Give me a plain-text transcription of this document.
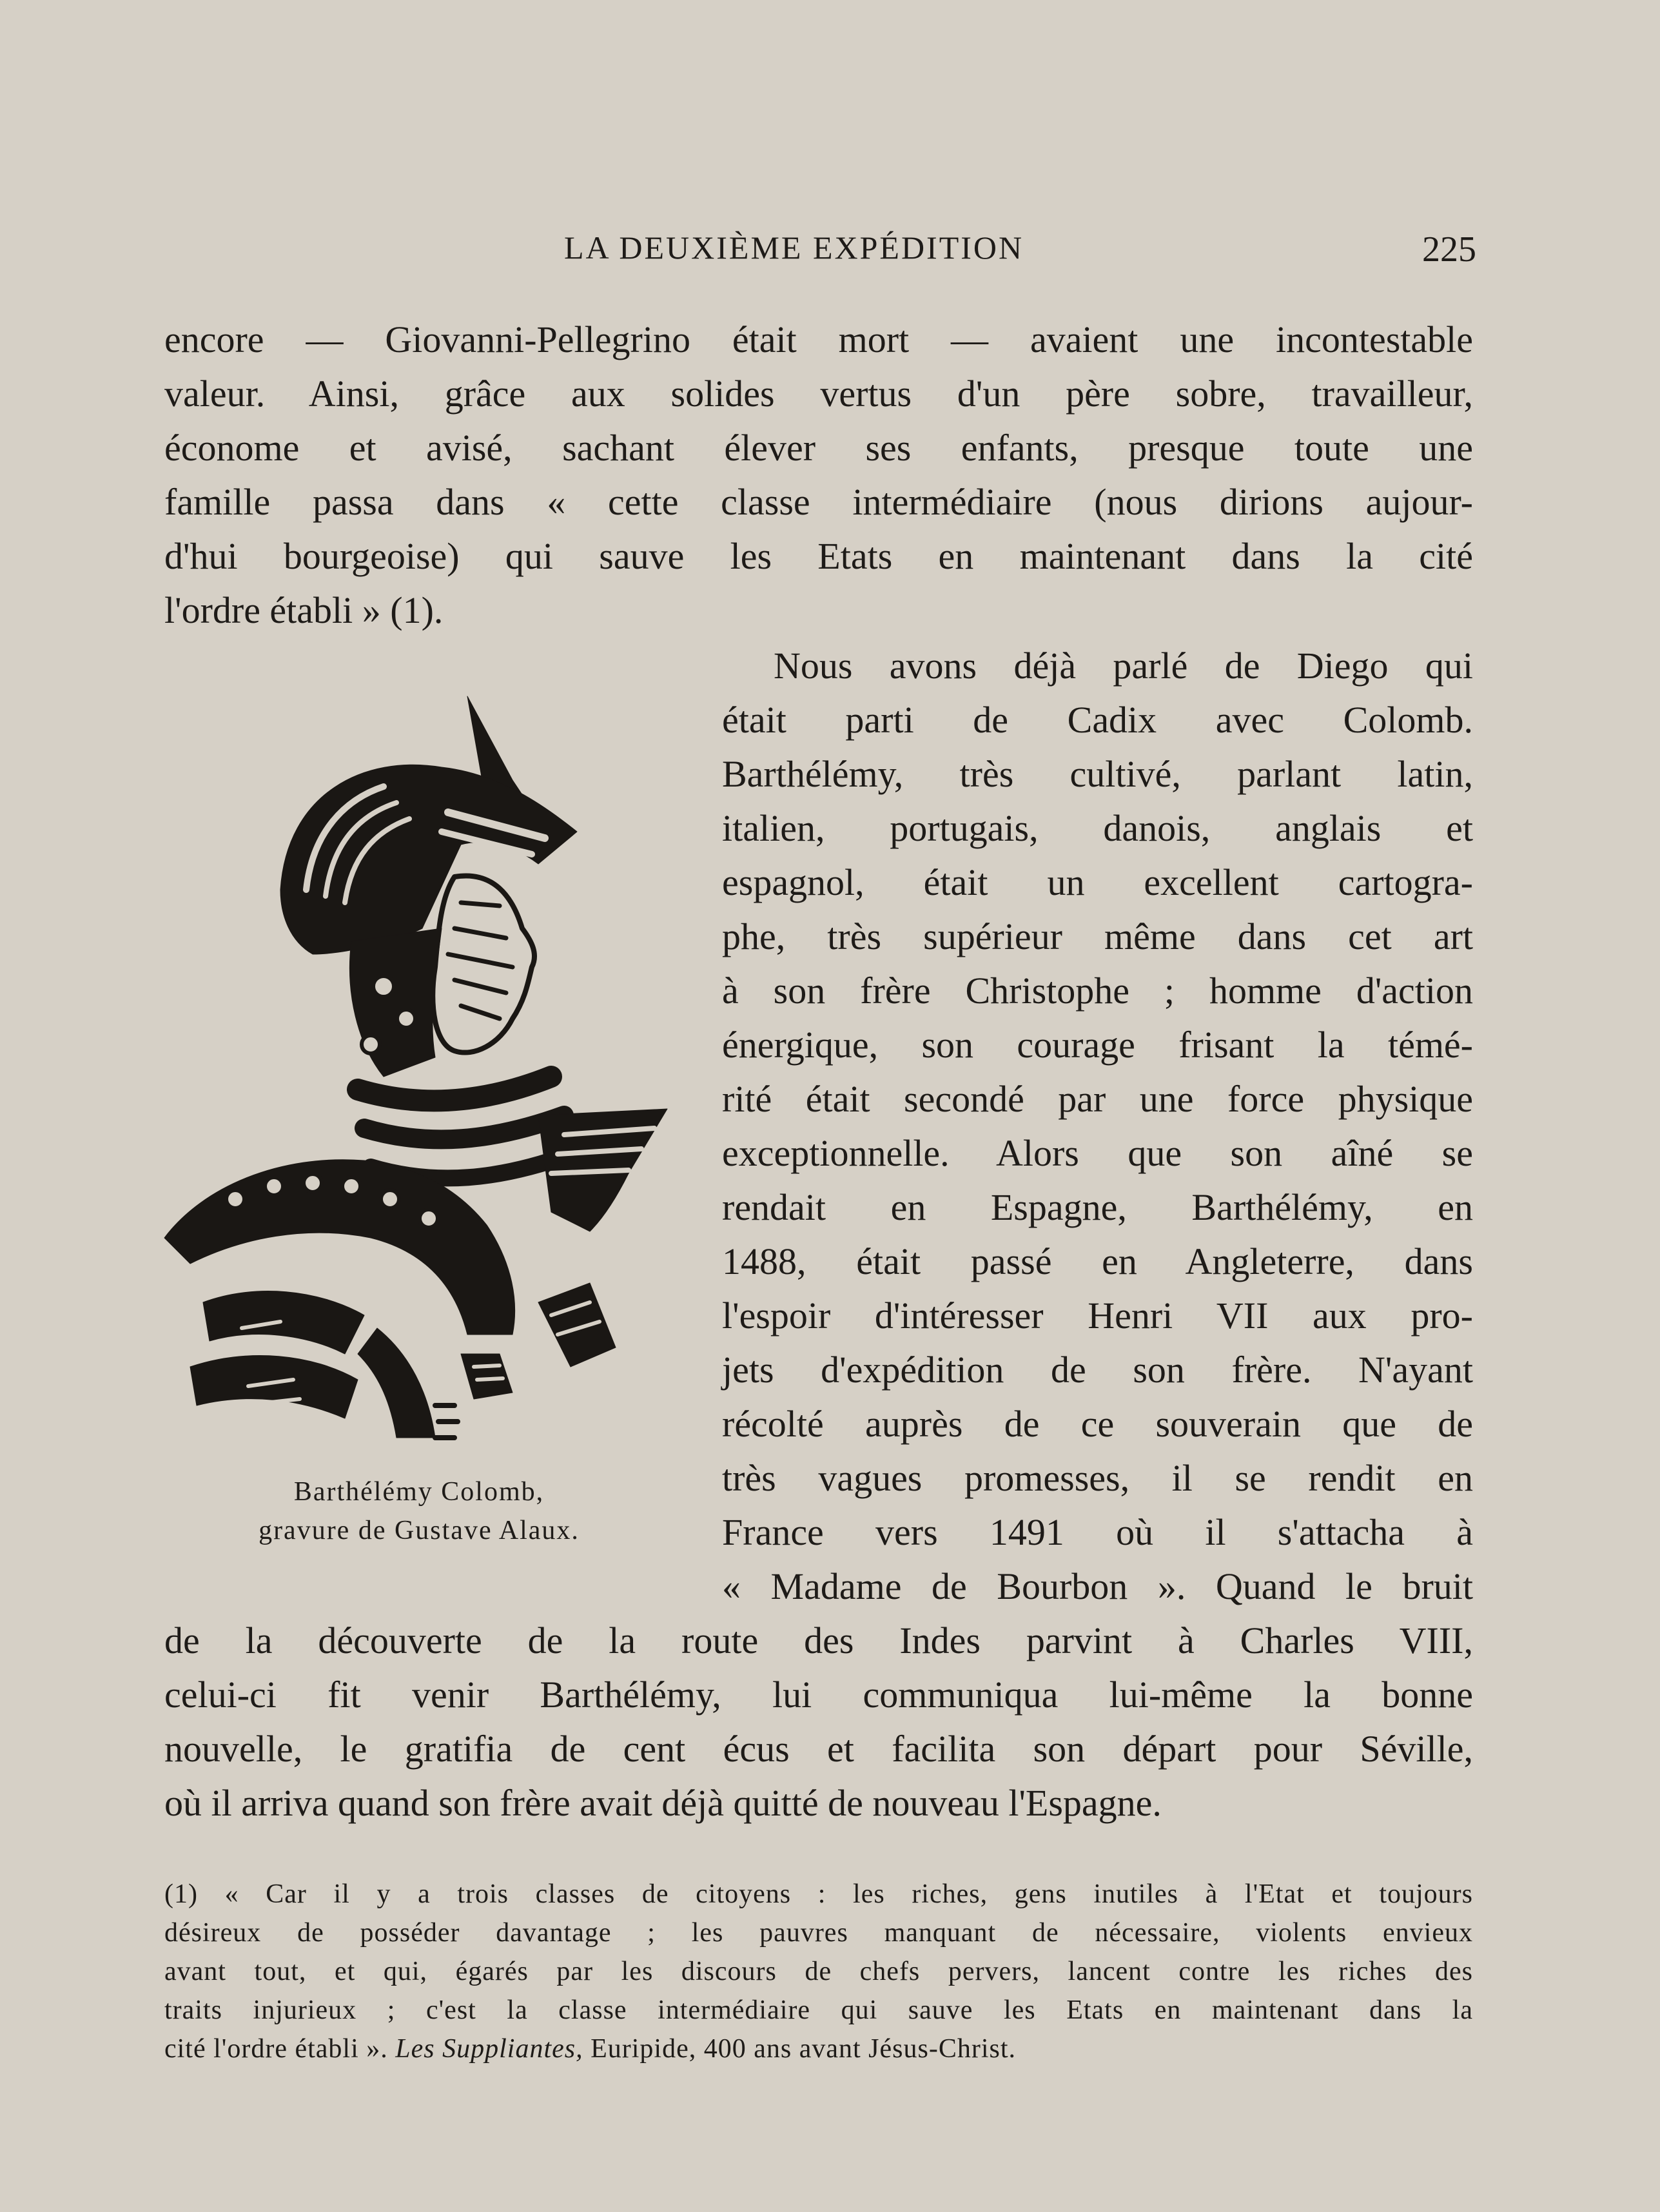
LA DEUXIÈME EXPÉDITION	225
encore — Giovanni-Pellegrino était mort — avaient une incontestable
valeur. Ainsi, grâce aux solides vertus d'un père sobre, travailleur,
économe et avisé, sachant élever ses enfants, presque toute une
famille passa dans « cette classe intermédiaire (nous dirions aujour-
d'hui bourgeoise) qui sauve les Etats en maintenant dans la cité
l'ordre établi » (1).
Nous avons déjà parlé de Diego qui
était parti de Cadix avec Colomb.
Barthélémy, très cultivé, parlant latin,
italien, portugais, danois, anglais et
espagnol, était un excellent cartogra-
phe, très supérieur même dans cet art
à son frère Christophe ; homme d'action
énergique, son courage frisant la témé-
rité était secondé par une force physique
exceptionnelle. Alors que son aîné se
rendait en Espagne, Barthélémy, en
1488, était passé en Angleterre, dans
l'espoir d'intéresser Henri VII aux pro-
jets d'expédition de son frère. N'ayant
récolté auprès de ce souverain que de
très vagues promesses, il se rendit en
France vers 1491 où il s'attacha à
« Madame de Bourbon ». Quand le bruit
de la découverte de la route des Indes parvint à Charles VIII,
celui-ci fit venir Barthélémy, lui communiqua lui-même la bonne
nouvelle, le gratifia de cent écus et facilita son départ pour Séville,
où il arriva quand son frère avait déjà quitté de nouveau l'Espagne.
Barthélémy Colomb,
gravure de Gustave Alaux.
(1) « Car il y a trois classes de citoyens : les riches, gens inutiles à l'Etat et toujours
désireux de posséder davantage ; les pauvres manquant de nécessaire, violents envieux
avant tout, et qui, égarés par les discours de chefs pervers, lancent contre les riches des
traits injurieux ; c'est la classe intermédiaire qui sauve les Etats en maintenant dans la
cité l'ordre établi ». Les Suppliantes, Euripide, 400 ans avant Jésus-Christ.
